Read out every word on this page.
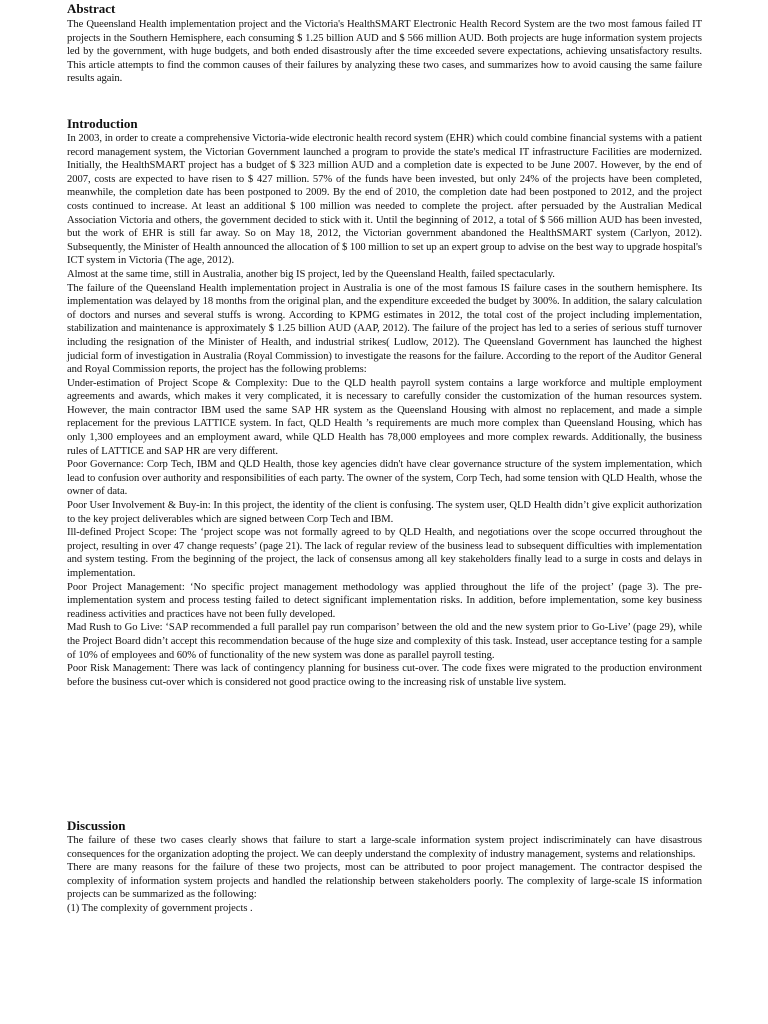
Abstract

The Queensland Health implementation project and the Victoria's HealthSMART Electronic Health Record System are the two most famous failed IT projects in the Southern Hemisphere, each consuming $ 1.25 billion AUD and $ 566 million AUD. Both projects are huge information system projects led by the government, with huge budgets, and both ended disastrously after the time exceeded severe expectations, achieving unsatisfactory results. This article attempts to find the common causes of their failures by analyzing these two cases, and summarizes how to avoid causing the same failure results again.

Introduction

In 2003, in order to create a comprehensive Victoria-wide electronic health record system (EHR) which could combine financial systems with a patient record management system, the Victorian Government launched a program to provide the state's medical IT infrastructure Facilities are modernized. Initially, the HealthSMART project has a budget of $ 323 million AUD and a completion date is expected to be June 2007. However, by the end of 2007, costs are expected to have risen to $ 427 million. 57% of the funds have been invested, but only 24% of the projects have been completed, meanwhile, the completion date has been postponed to 2009. By the end of 2010, the completion date had been postponed to 2012, and the project costs continued to increase. At least an additional $ 100 million was needed to complete the project. after persuaded by the Australian Medical Association Victoria and others, the government decided to stick with it. Until the beginning of 2012, a total of $ 566 million AUD has been invested, but the work of EHR is still far away. So on May 18, 2012, the Victorian government abandoned the HealthSMART system (Carlyon, 2012). Subsequently, the Minister of Health announced the allocation of $ 100 million to set up an expert group to advise on the best way to upgrade hospital's ICT system in Victoria (The age, 2012).

Almost at the same time, still in Australia, another big IS project, led by the Queensland Health, failed spectacularly.

The failure of the Queensland Health implementation project in Australia is one of the most famous IS failure cases in the southern hemisphere. Its implementation was delayed by 18 months from the original plan, and the expenditure exceeded the budget by 300%. In addition, the salary calculation of doctors and nurses and several stuffs is wrong. According to KPMG estimates in 2012, the total cost of the project including implementation, stabilization and maintenance is approximately $ 1.25 billion AUD (AAP, 2012). The failure of the project has led to a series of serious stuff turnover including the resignation of the Minister of Health, and industrial strikes( Ludlow, 2012). The Queensland Government has launched the highest judicial form of investigation in Australia (Royal Commission) to investigate the reasons for the failure. According to the report of the Auditor General and Royal Commission reports, the project has the following problems:

Under-estimation of Project Scope & Complexity: Due to the QLD health payroll system contains a large workforce and multiple employment agreements and awards, which makes it very complicated, it is necessary to carefully consider the customization of the human resources system. However, the main contractor IBM used the same SAP HR system as the Queensland Housing with almost no replacement, and made a simple replacement for the previous LATTICE system. In fact, QLD Health ’s requirements are much more complex than Queensland Housing, which has only 1,300 employees and an employment award, while QLD Health has 78,000 employees and more complex rewards. Additionally, the business rules of LATTICE and SAP HR are very different.

Poor Governance: Corp Tech, IBM and QLD Health, those key agencies didn't have clear governance structure of the system implementation, which lead to confusion over authority and responsibilities of each party. The owner of the system, Corp Tech, had some tension with QLD Health, whose the owner of data.

Poor User Involvement & Buy-in: In this project, the identity of the client is confusing. The system user, QLD Health didn’t give explicit authorization to the key project deliverables which are signed between Corp Tech and IBM.

Ill-defined Project Scope: The ‘project scope was not formally agreed to by QLD Health, and negotiations over the scope occurred throughout the project, resulting in over 47 change requests’ (page 21). The lack of regular review of the business lead to subsequent difficulties with implementation and system testing. From the beginning of the project, the lack of consensus among all key stakeholders finally lead to a surge in costs and delays in implementation.

Poor Project Management: ‘No specific project management methodology was applied throughout the life of the project’ (page 3). The pre-implementation system and process testing failed to detect significant implementation risks. In addition, before implementation, some key business readiness activities and practices have not been fully developed.

Mad Rush to Go Live: ‘SAP recommended a full parallel pay run comparison’ between the old and the new system prior to Go-Live’ (page 29), while the Project Board didn’t accept this recommendation because of the huge size and complexity of this task. Instead, user acceptance testing for a sample of 10% of employees and 60% of functionality of the new system was done as parallel payroll testing.

Poor Risk Management: There was lack of contingency planning for business cut-over. The code fixes were migrated to the production environment before the business cut-over which is considered not good practice owing to the increasing risk of unstable live system.

Discussion

The failure of these two cases clearly shows that failure to start a large-scale information system project indiscriminately can have disastrous consequences for the organization adopting the project. We can deeply understand the complexity of industry management, systems and relationships.

There are many reasons for the failure of these two projects, most can be attributed to poor project management. The contractor despised the complexity of information system projects and handled the relationship between stakeholders poorly. The complexity of large-scale IS information projects can be summarized as the following:

(1) The complexity of government projects .
